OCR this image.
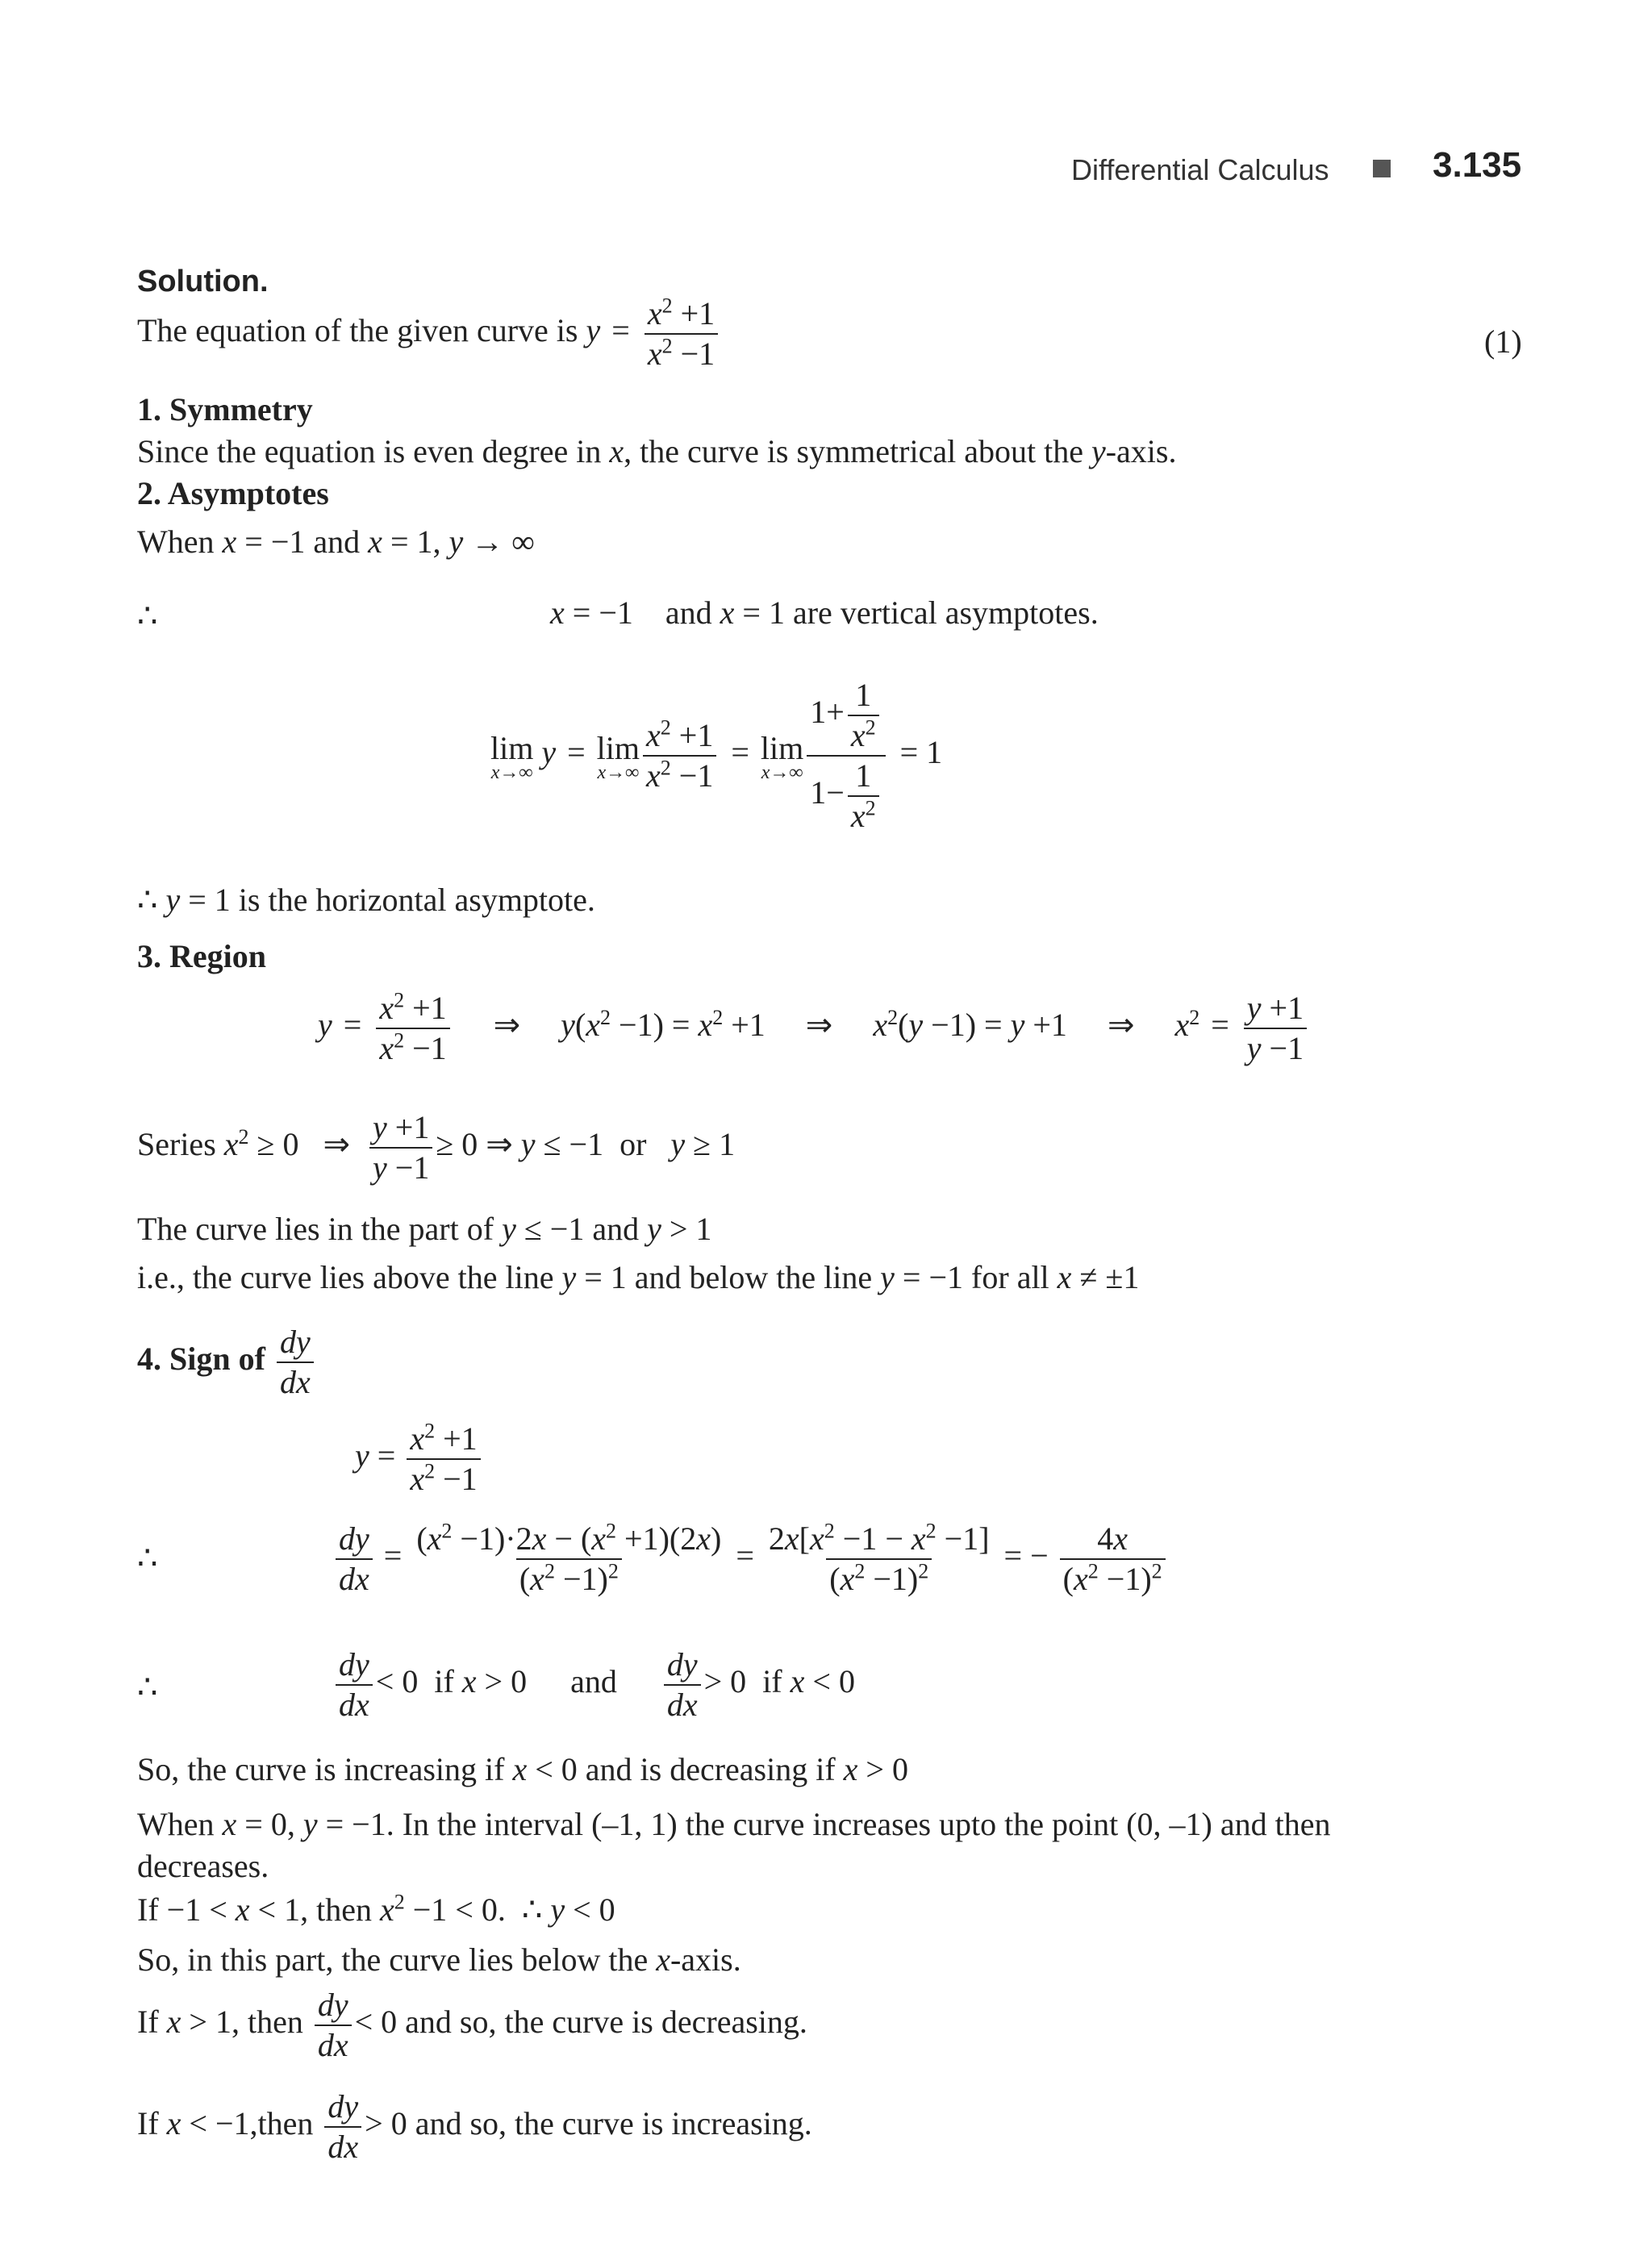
Differential Calculus	3.135
Solution.
The equation of the given curve is $y = \frac{x^2 +1}{x^2 -1}$	(1)
1. Symmetry
Since the equation is even degree in x, the curve is symmetrical about the y-axis.
2. Asymptotes
When x = −1 and x = 1, y → ∞
∴	x = −1    and x = 1 are vertical asymptotes.
lim
x→∞
y = lim
$x\to\infty \frac{x^2 +1}{x^2 -1} = \lim$
$x\to\infty \frac{1+ \frac{1}{x^2}}{1- \frac{1}{x^2}} = 1$
∴ y = 1 is the horizontal asymptote.
3. Region
$y = \frac{x^2 +1}{x^2 -1}$ ⇒ $y(x^2 -1) = x^2 +1$ ⇒ $x^2(y -1) = y +1$ ⇒ $x^2 = \frac{y +1}{y -1}$
Series $x^2 \ge 0$   ⇒ $\frac{y +1}{y -1} \ge 0$ ⇒ y ≤ −1  or y ≥ 1
The curve lies in the part of y ≤ −1 and y > 1
i.e., the curve lies above the line y = 1 and below the line y = −1 for all x ≠ ±1
4. Sign of $\frac{dy}{dx}$
$y = \frac{x^2 +1}{x^2 -1}$
∴	$\frac{dy}{dx} = \frac{(x^2 -1)\cdot 2x - (x^2 +1)(2x)}{(x^2 -1)^2} = \frac{2x[x^2 -1 - x^2 -1]}{(x^2 -1)^2}$ = − $\frac{4x}{(x^2 -1)^2}$
∴	$\frac{dy}{dx} < 0$  if x > 0 and $\frac{dy}{dx} > 0$  if x < 0
So, the curve is increasing if x < 0 and is decreasing if x > 0
When x = 0, y = −1. In the interval (–1, 1) the curve increases upto the point (0, –1) and then
decreases.
If −1 < x < 1, then $x^2 -1 < 0$.  ∴ y < 0
So, in this part, the curve lies below the x-axis.
If x > 1, then $\frac{dy}{dx} < 0$ and so, the curve is decreasing.
If x < −1,then $\frac{dy}{dx} > 0$ and so, the curve is increasing.
